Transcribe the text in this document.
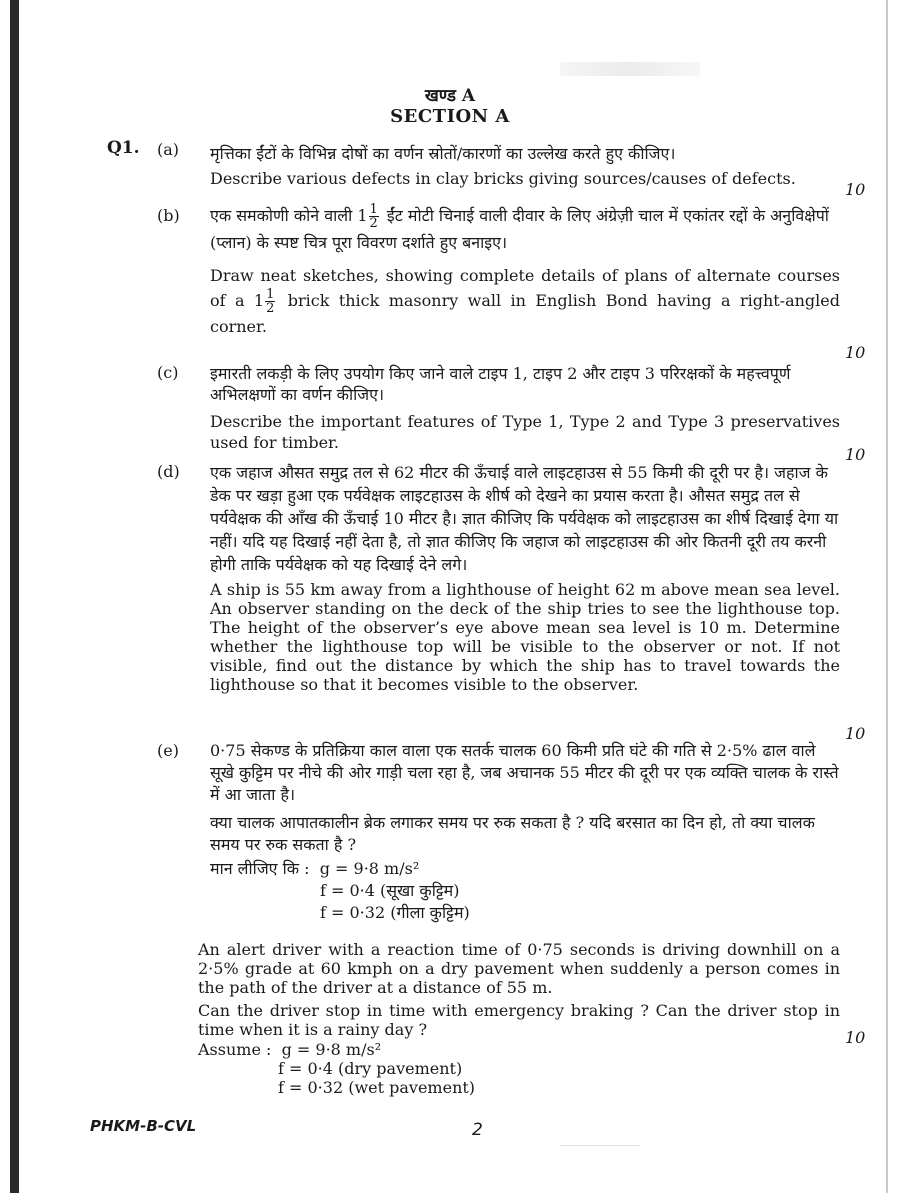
खण्ड A
SECTION A
Q1. (a) मृत्तिका ईंटों के विभिन्न दोषों का वर्णन स्रोतों/कारणों का उल्लेख करते हुए कीजिए।

Describe various defects in clay bricks giving sources/causes of defects.

10
(b) एक समकोणी कोने वाली $1 \frac{1}{2}$ ईंट मोटी चिनाई वाली दीवार के लिए अंग्रेज़ी चाल में एकांतर रद्दों के अनुविक्षेपों (प्लान) के स्पष्ट चित्र पूरा विवरण दर्शाते हुए बनाइए।

Draw neat sketches, showing complete details of plans of alternate courses of a $1 \frac{1}{2}$ brick thick masonry wall in English Bond having a right-angled corner.

10
(c) इमारती लकड़ी के लिए उपयोग किए जाने वाले टाइप 1, टाइप 2 और टाइप 3 परिरक्षकों के महत्त्वपूर्ण अभिलक्षणों का वर्णन कीजिए।

Describe the important features of Type 1, Type 2 and Type 3 preservatives used for timber.

10
(d) एक जहाज औसत समुद्र तल से 62 मीटर की ऊँचाई वाले लाइटहाउस से 55 किमी की दूरी पर है। जहाज के डेक पर खड़ा हुआ एक पर्यवेक्षक लाइटहाउस के शीर्ष को देखने का प्रयास करता है। औसत समुद्र तल से पर्यवेक्षक की आँख की ऊँचाई 10 मीटर है। ज्ञात कीजिए कि पर्यवेक्षक को लाइटहाउस का शीर्ष दिखाई देगा या नहीं। यदि यह दिखाई नहीं देता है, तो ज्ञात कीजिए कि जहाज को लाइटहाउस की ओर कितनी दूरी तय करनी होगी ताकि पर्यवेक्षक को यह दिखाई देने लगे।

A ship is 55 km away from a lighthouse of height 62 m above mean sea level. An observer standing on the deck of the ship tries to see the lighthouse top. The height of the observer’s eye above mean sea level is 10 m. Determine whether the lighthouse top will be visible to the observer or not. If not visible, find out the distance by which the ship has to travel towards the lighthouse so that it becomes visible to the observer.

10
(e) 0·75 सेकण्ड के प्रतिक्रिया काल वाला एक सतर्क चालक 60 किमी प्रति घंटे की गति से 2·5% ढाल वाले सूखे कुट्टिम पर नीचे की ओर गाड़ी चला रहा है, जब अचानक 55 मीटर की दूरी पर एक व्यक्ति चालक के रास्ते में आ जाता है।

क्या चालक आपातकालीन ब्रेक लगाकर समय पर रुक सकता है ? यदि बरसात का दिन हो, तो क्या चालक समय पर रुक सकता है ?

मान लीजिए कि : g = 9·8 m/s²

f = 0·4 (सूखा कुट्टिम)

f = 0·32 (गीला कुट्टिम)

An alert driver with a reaction time of 0·75 seconds is driving downhill on a 2·5% grade at 60 kmph on a dry pavement when suddenly a person comes in the path of the driver at a distance of 55 m.

Can the driver stop in time with emergency braking ? Can the driver stop in time when it is a rainy day ?

Assume : g = 9·8 m/s²

f = 0·4 (dry pavement)

f = 0·32 (wet pavement)

10
PHKM-B-CVL	2
